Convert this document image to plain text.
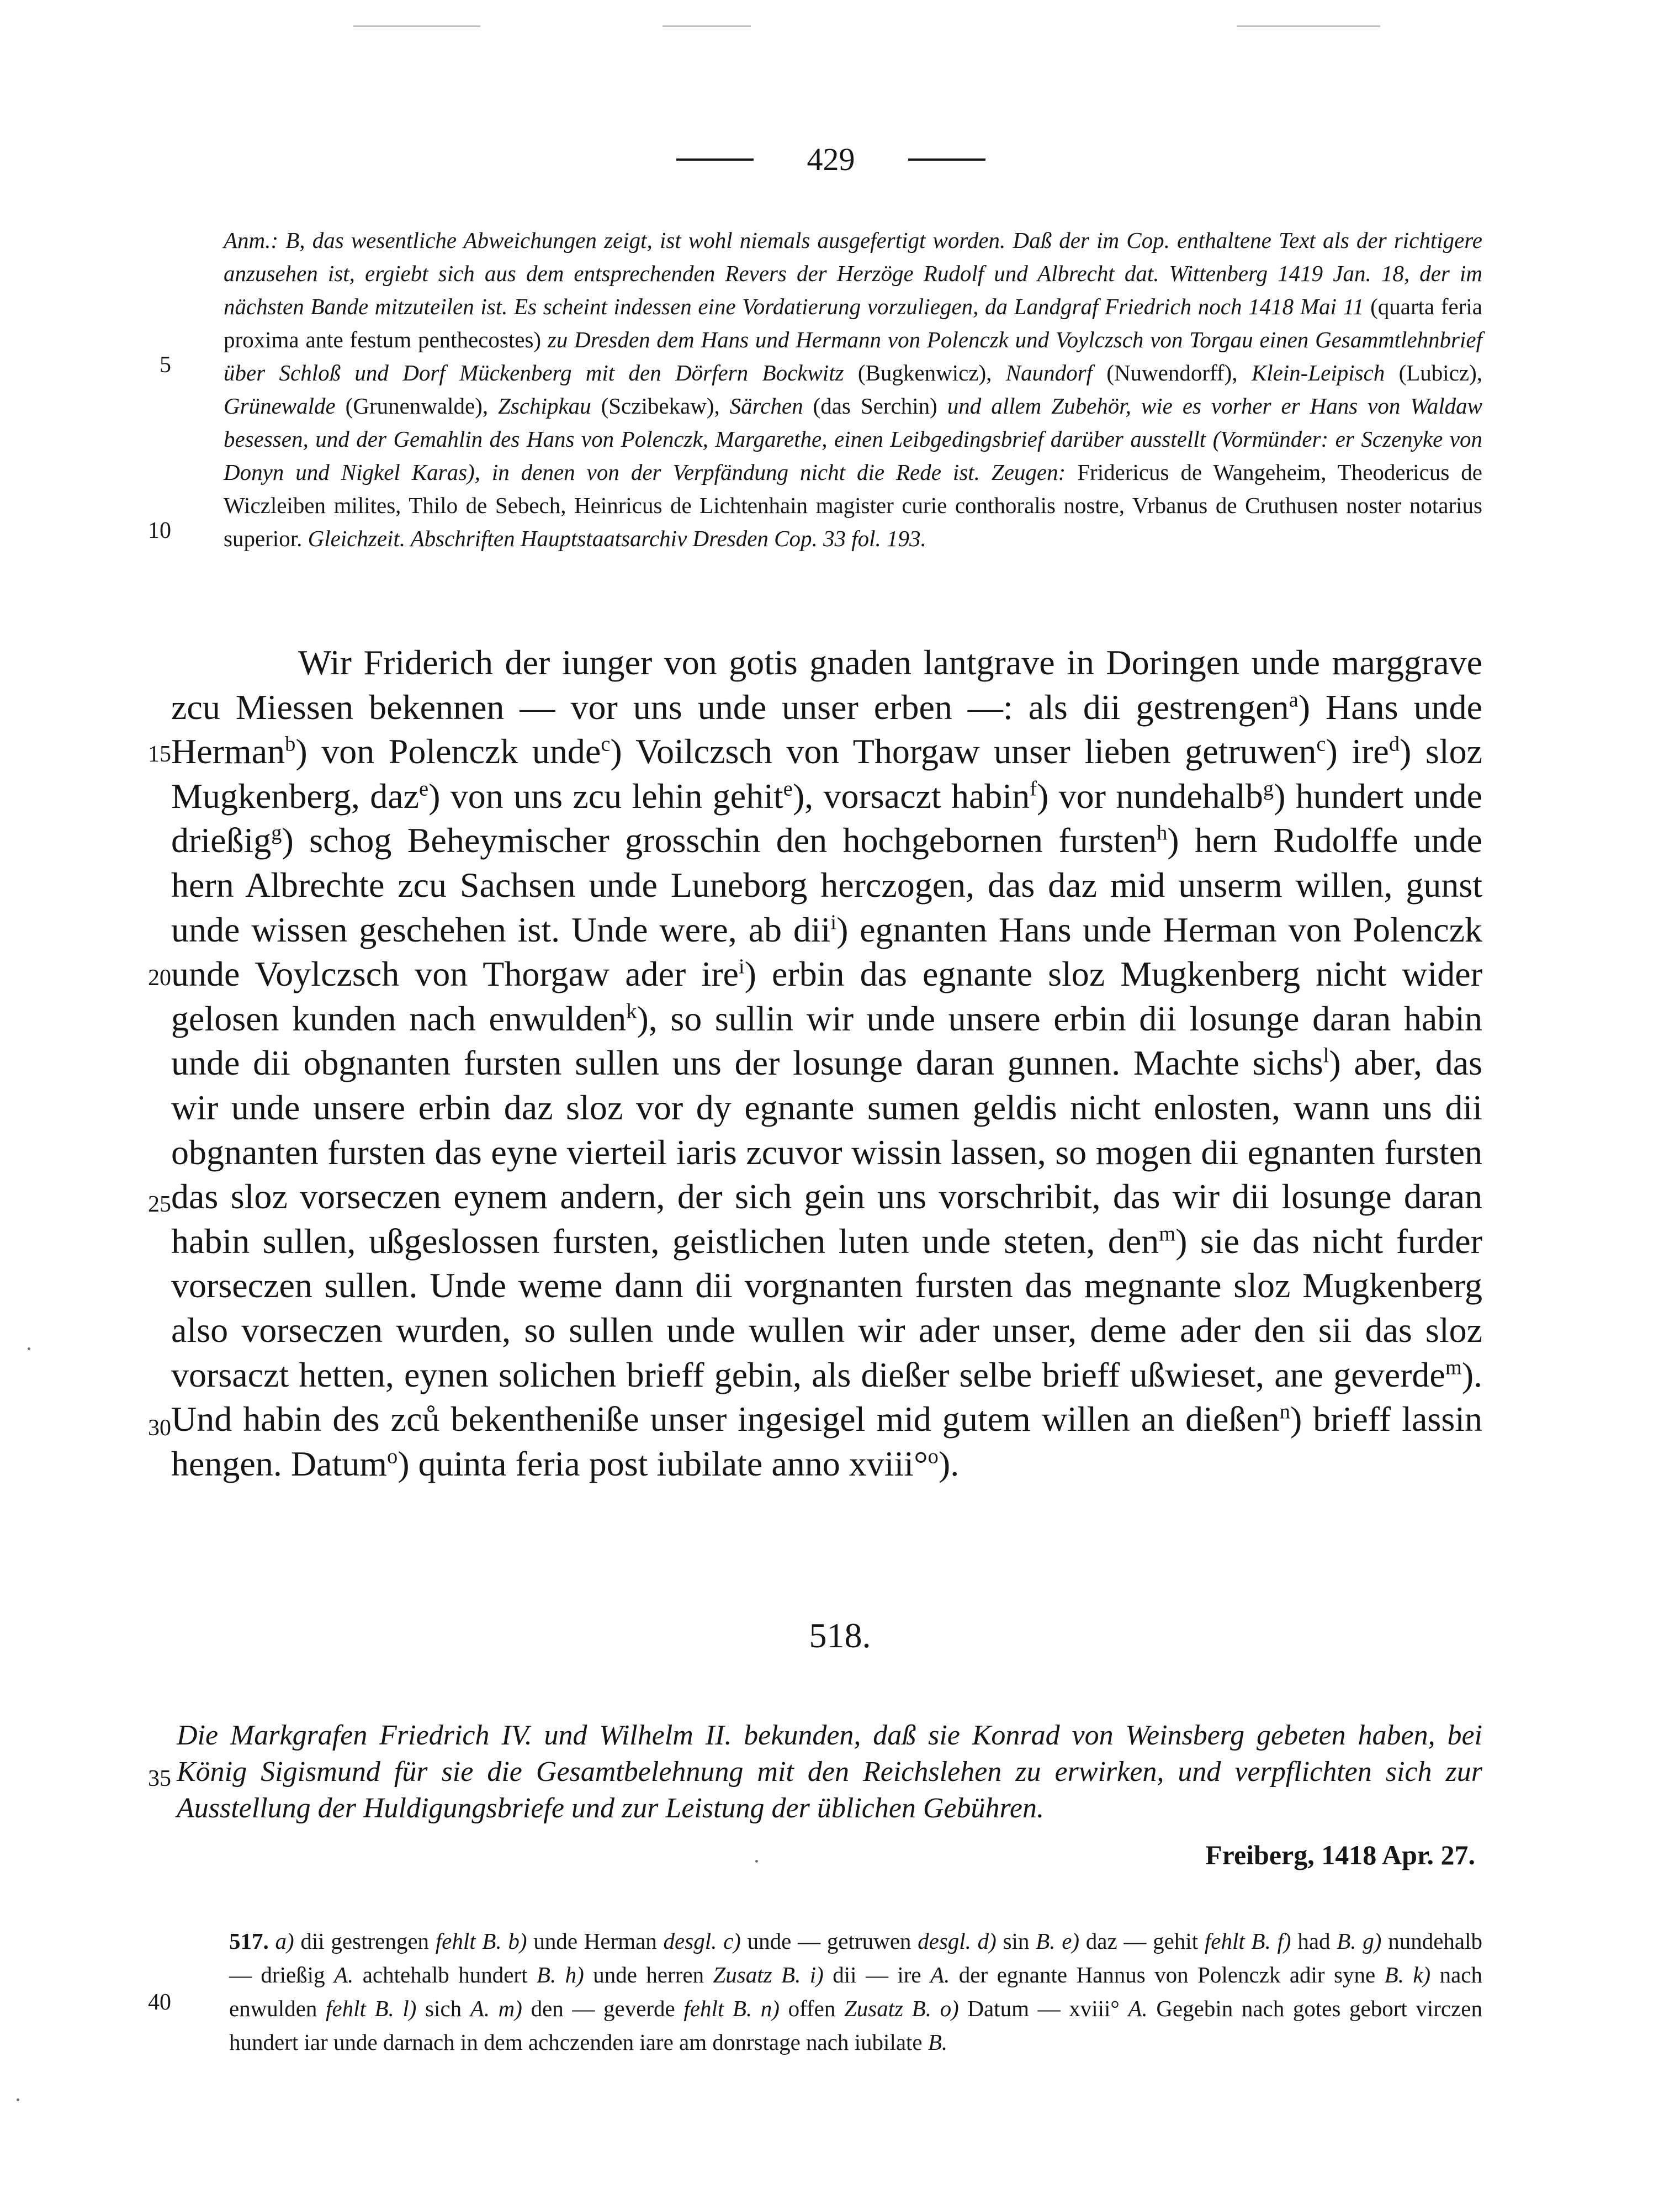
429
5
10
15
20
25
30
35
40

Anm.: B, das wesentliche Abweichungen zeigt, ist wohl niemals ausgefertigt worden. Daß der im Cop. enthaltene Text als der richtigere anzusehen ist, ergiebt sich aus dem entsprechenden Revers der Herzöge Rudolf und Albrecht dat. Wittenberg 1419 Jan. 18, der im nächsten Bande mitzuteilen ist. Es scheint indessen eine Vordatierung vorzuliegen, da Landgraf Friedrich noch 1418 Mai 11 (quarta feria proxima ante festum penthecostes) zu Dresden dem Hans und Hermann von Polenczk und Voylczsch von Torgau einen Gesammtlehnbrief über Schloß und Dorf Mückenberg mit den Dörfern Bockwitz (Bugkenwicz), Naundorf (Nuwendorff), Klein-Leipisch (Lubicz), Grünewalde (Grunenwalde), Zschipkau (Sczibekaw), Särchen (das Serchin) und allem Zubehör, wie es vorher er Hans von Waldaw besessen, und der Gemahlin des Hans von Polenczk, Margarethe, einen Leibgedingsbrief darüber ausstellt (Vormünder: er Sczenyke von Donyn und Nigkel Karas), in denen von der Verpfändung nicht die Rede ist. Zeugen: Fridericus de Wangeheim, Theodericus de Wiczleiben milites, Thilo de Sebech, Heinricus de Lichtenhain magister curie conthoralis nostre, Vrbanus de Cruthusen noster notarius superior. Gleichzeit. Abschriften Hauptstaatsarchiv Dresden Cop. 33 fol. 193.

Wir Friderich der iunger von gotis gnaden lantgrave in Doringen unde marggrave zcu Miessen bekennen — vor uns unde unser erben —: als dii gestrengen$^a$) Hans unde Herman$^b$) von Polenczk unde$^c$) Voilczsch von Thorgaw unser lieben getruwen$^c$) ire$^d$) sloz Mugkenberg, daz$^e$) von uns zcu lehin gehit$^e$), vorsaczt habin$^f$) vor nundehalb$^g$) hundert unde drießig$^g$) schog Beheymischer grosschin den hochgebornen fursten$^h$) hern Rudolffe unde hern Albrechte zcu Sachsen unde Luneborg herczogen, das daz mid unserm willen, gunst unde wissen geschehen ist. Unde were, ab dii$^i$) egnanten Hans unde Herman von Polenczk unde Voylczsch von Thorgaw ader ire$^i$) erbin das egnante sloz Mugkenberg nicht wider gelosen kunden nach enwulden$^k$), so sullin wir unde unsere erbin dii losunge daran habin unde dii obgnanten fursten sullen uns der losunge daran gunnen. Machte sichs$^l$) aber, das wir unde unsere erbin daz sloz vor dy egnante sumen geldis nicht enlosten, wann uns dii obgnanten fursten das eyne vierteil iaris zcuvor wissin lassen, so mogen dii egnanten fursten das sloz vorseczen eynem andern, der sich gein uns vorschribit, das wir dii losunge daran habin sullen, ußgeslossen fursten, geistlichen luten unde steten, den$^m$) sie das nicht furder vorseczen sullen. Unde weme dann dii vorgnanten fursten das megnante sloz Mugkenberg also vorseczen wurden, so sullen unde wullen wir ader unser, deme ader den sii das sloz vorsaczt hetten, eynen solichen brieff gebin, als dießer selbe brieff ußwieset, ane geverde$^m$). Und habin des zců bekentheniße unser ingesigel mid gutem willen an dießen$^n$) brieff lassin hengen. Datum$^o$) quinta feria post iubilate anno xviii°$^o$).

518.

Die Markgrafen Friedrich IV. und Wilhelm II. bekunden, daß sie Konrad von Weinsberg gebeten haben, bei König Sigismund für sie die Gesamtbelehnung mit den Reichslehen zu erwirken, und verpflichten sich zur Ausstellung der Huldigungsbriefe und zur Leistung der üblichen Gebühren.

Freiberg, 1418 Apr. 27.

517. a) dii gestrengen fehlt B. b) unde Herman desgl. c) unde — getruwen desgl. d) sin B. e) daz — gehit fehlt B. f) had B. g) nundehalb — drießig A. achtehalb hundert B. h) unde herren Zusatz B. i) dii — ire A. der egnante Hannus von Polenczk adir syne B. k) nach enwulden fehlt B. l) sich A. m) den — geverde fehlt B. n) offen Zusatz B. o) Datum — xviii° A. Gegebin nach gotes gebort virczen hundert iar unde darnach in dem achczenden iare am donrstage nach iubilate B.
